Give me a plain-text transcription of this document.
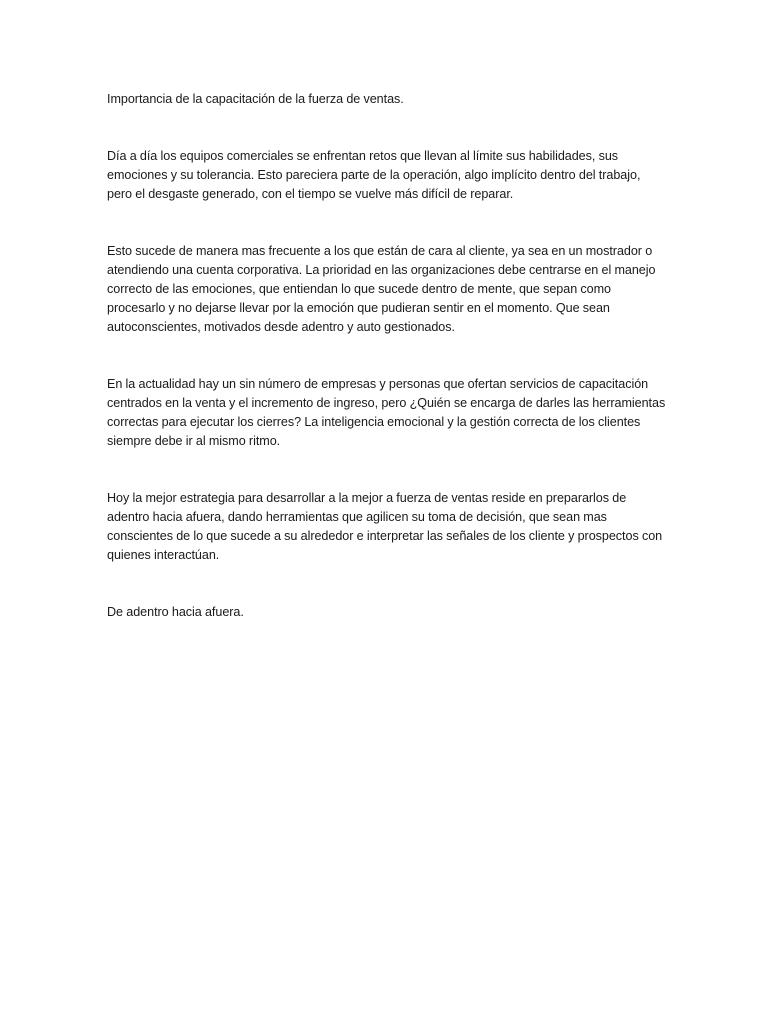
Importancia de la capacitación de la fuerza de ventas.

Día a día los equipos comerciales se enfrentan retos que llevan al límite sus habilidades, sus emociones y su tolerancia. Esto pareciera parte de la operación, algo implícito dentro del trabajo, pero el desgaste generado, con el tiempo se vuelve más difícil de reparar.

Esto sucede de manera mas frecuente a los que están de cara al cliente, ya sea en un mostrador o atendiendo una cuenta corporativa. La prioridad en las organizaciones debe centrarse en el manejo correcto de las emociones, que entiendan lo que sucede dentro de mente, que sepan como procesarlo y no dejarse llevar por la emoción que pudieran sentir en el momento. Que sean autoconscientes, motivados desde adentro y auto gestionados.

En la actualidad hay un sin número de empresas y personas que ofertan servicios de capacitación centrados en la venta y el incremento de ingreso, pero ¿Quién se encarga de darles las herramientas correctas para ejecutar los cierres? La inteligencia emocional y la gestión correcta de los clientes siempre debe ir al mismo ritmo.

Hoy la mejor estrategia para desarrollar a la mejor a fuerza de ventas reside en prepararlos de adentro hacia afuera, dando herramientas que agilicen su toma de decisión, que sean mas conscientes de lo que sucede a su alrededor e interpretar las señales de los cliente y prospectos con quienes interactúan.

De adentro hacia afuera.
